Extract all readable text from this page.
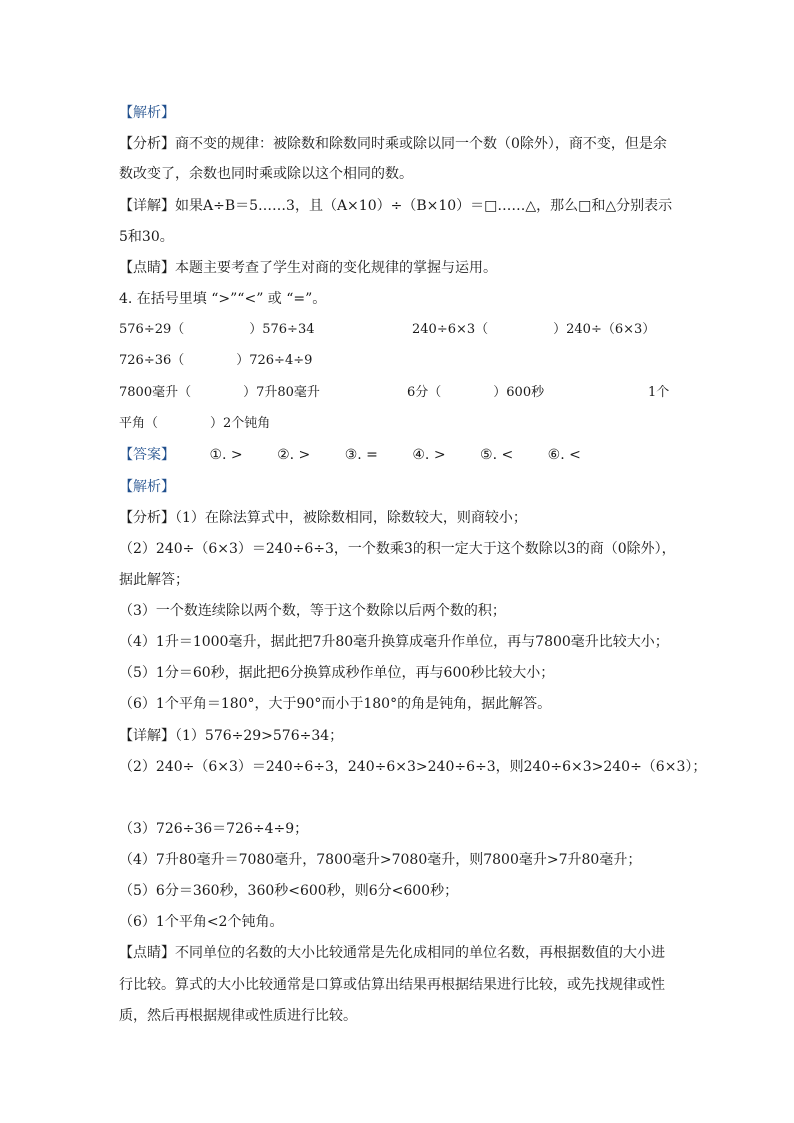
【解析】
【分析】商不变的规律：被除数和除数同时乘或除以同一个数（0除外），商不变，但是余
数改变了，余数也同时乘或除以这个相同的数。
【详解】如果A÷B＝5……3，且（A×10）÷（B×10）＝□……△，那么□和△分别表示
5和30。
【点睛】本题主要考查了学生对商的变化规律的掌握与运用。
4. 在括号里填 “>”“<” 或 “=”。
576÷29（　　　　　）576÷34	240÷6×3（　　　　　）240÷（6×3）
726÷36（　　　　）726÷4÷9
7800毫升（　　　　）7升80毫升	6分（　　　　）600秒	1个
平角（　　　　）2个钝角
【答案】 ①. > ②. > ③. = ④. > ⑤. < ⑥. <
【解析】
【分析】（1）在除法算式中，被除数相同，除数较大，则商较小；
（2）240÷（6×3）＝240÷6÷3，一个数乘3的积一定大于这个数除以3的商（0除外），
据此解答；
（3）一个数连续除以两个数，等于这个数除以后两个数的积；
（4）1升＝1000毫升，据此把7升80毫升换算成毫升作单位，再与7800毫升比较大小；
（5）1分＝60秒，据此把6分换算成秒作单位，再与600秒比较大小；
（6）1个平角＝180°，大于90°而小于180°的角是钝角，据此解答。
【详解】（1）576÷29>576÷34；
（2）240÷（6×3）＝240÷6÷3，240÷6×3>240÷6÷3，则240÷6×3>240÷（6×3）；
（3）726÷36＝726÷4÷9；
（4）7升80毫升＝7080毫升，7800毫升>7080毫升，则7800毫升>7升80毫升；
（5）6分＝360秒，360秒<600秒，则6分<600秒；
（6）1个平角<2个钝角。
【点睛】不同单位的名数的大小比较通常是先化成相同的单位名数，再根据数值的大小进
行比较。算式的大小比较通常是口算或估算出结果再根据结果进行比较，或先找规律或性
质，然后再根据规律或性质进行比较。
